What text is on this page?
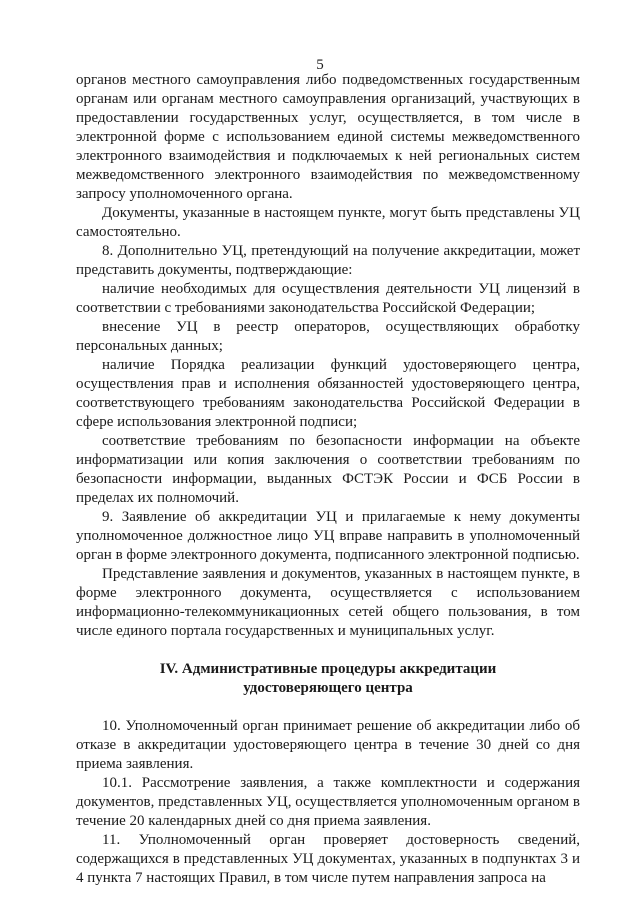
5

органов местного самоуправления либо подведомственных государственным органам или органам местного самоуправления организаций, участвующих в предоставлении государственных услуг, осуществляется, в том числе в электронной форме с использованием единой системы межведомственного электронного взаимодействия и подключаемых к ней региональных систем межведомственного электронного взаимодействия по межведомственному запросу уполномоченного органа.

Документы, указанные в настоящем пункте, могут быть представлены УЦ самостоятельно.

8. Дополнительно УЦ, претендующий на получение аккредитации, может представить документы, подтверждающие:

наличие необходимых для осуществления деятельности УЦ лицензий в соответствии с требованиями законодательства Российской Федерации;

внесение УЦ в реестр операторов, осуществляющих обработку персональных данных;

наличие Порядка реализации функций удостоверяющего центра, осуществления прав и исполнения обязанностей удостоверяющего центра, соответствующего требованиям законодательства Российской Федерации в сфере использования электронной подписи;

соответствие требованиям по безопасности информации на объекте информатизации или копия заключения о соответствии требованиям по безопасности информации, выданных ФСТЭК России и ФСБ России в пределах их полномочий.

9. Заявление об аккредитации УЦ и прилагаемые к нему документы уполномоченное должностное лицо УЦ вправе направить в уполномоченный орган в форме электронного документа, подписанного электронной подписью.

Представление заявления и документов, указанных в настоящем пункте, в форме электронного документа, осуществляется с использованием информационно-телекоммуникационных сетей общего пользования, в том числе единого портала государственных и муниципальных услуг.

IV. Административные процедуры аккредитации удостоверяющего центра

10. Уполномоченный орган принимает решение об аккредитации либо об отказе в аккредитации удостоверяющего центра в течение 30 дней со дня приема заявления.

10.1. Рассмотрение заявления, а также комплектности и содержания документов, представленных УЦ, осуществляется уполномоченным органом в течение 20 календарных дней со дня приема заявления.

11. Уполномоченный орган проверяет достоверность сведений, содержащихся в представленных УЦ документах, указанных в подпунктах 3 и 4 пункта 7 настоящих Правил, в том числе путем направления запроса на
